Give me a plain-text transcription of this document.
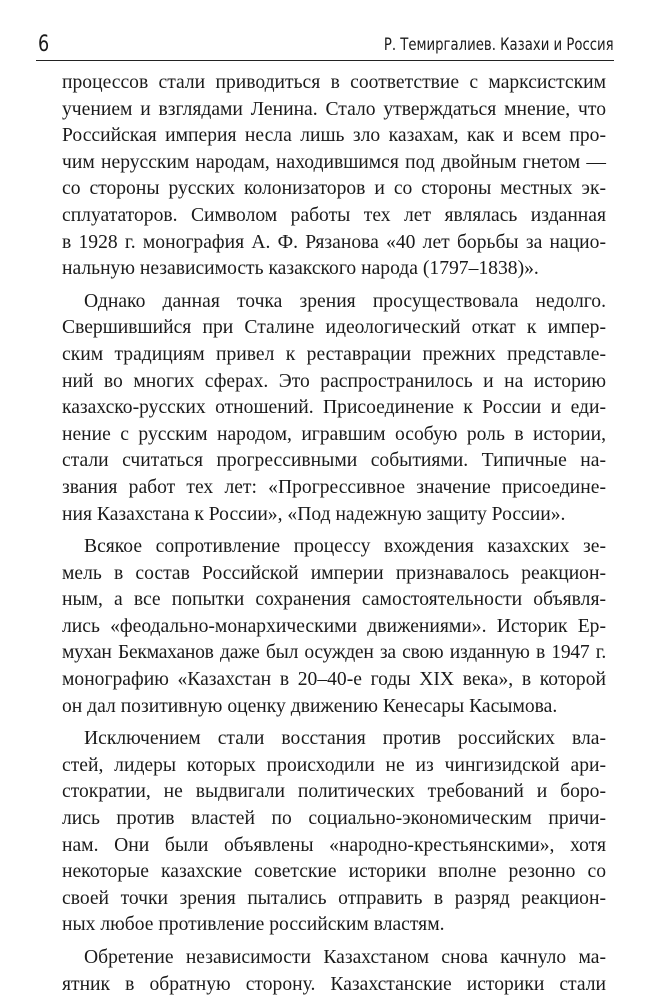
6	Р. Темиргалиев. Казахи и Россия

процессов стали приводиться в соответствие с марксистским
учением и взглядами Ленина. Стало утверждаться мнение, что
Российская империя несла лишь зло казахам, как и всем про-
чим нерусским народам, находившимся под двойным гнетом —
со стороны русских колонизаторов и со стороны местных эк-
сплуататоров. Символом работы тех лет являлась изданная
в 1928 г. монография А. Ф. Рязанова «40 лет борьбы за нацио-
нальную независимость казакского народа (1797–1838)».

Однако данная точка зрения просуществовала недолго.
Свершившийся при Сталине идеологический откат к импер-
ским традициям привел к реставрации прежних представле-
ний во многих сферах. Это распространилось и на историю
казахско-русских отношений. Присоединение к России и еди-
нение с русским народом, игравшим особую роль в истории,
стали считаться прогрессивными событиями. Типичные на-
звания работ тех лет: «Прогрессивное значение присоедине-
ния Казахстана к России», «Под надежную защиту России».

Всякое сопротивление процессу вхождения казахских зе-
мель в состав Российской империи признавалось реакцион-
ным, а все попытки сохранения самостоятельности объявля-
лись «феодально-монархическими движениями». Историк Ер-
мухан Бекмаханов даже был осужден за свою изданную в 1947 г.
монографию «Казахстан в 20–40-е годы XIX века», в которой
он дал позитивную оценку движению Кенесары Касымова.

Исключением стали восстания против российских вла-
стей, лидеры которых происходили не из чингизидской ари-
стократии, не выдвигали политических требований и боро-
лись против властей по социально-экономическим причи-
нам. Они были объявлены «народно-крестьянскими», хотя
некоторые казахские советские историки вполне резонно со
своей точки зрения пытались отправить в разряд реакцион-
ных любое противление российским властям.

Обретение независимости Казахстаном снова качнуло ма-
ятник в обратную сторону. Казахстанские историки стали
